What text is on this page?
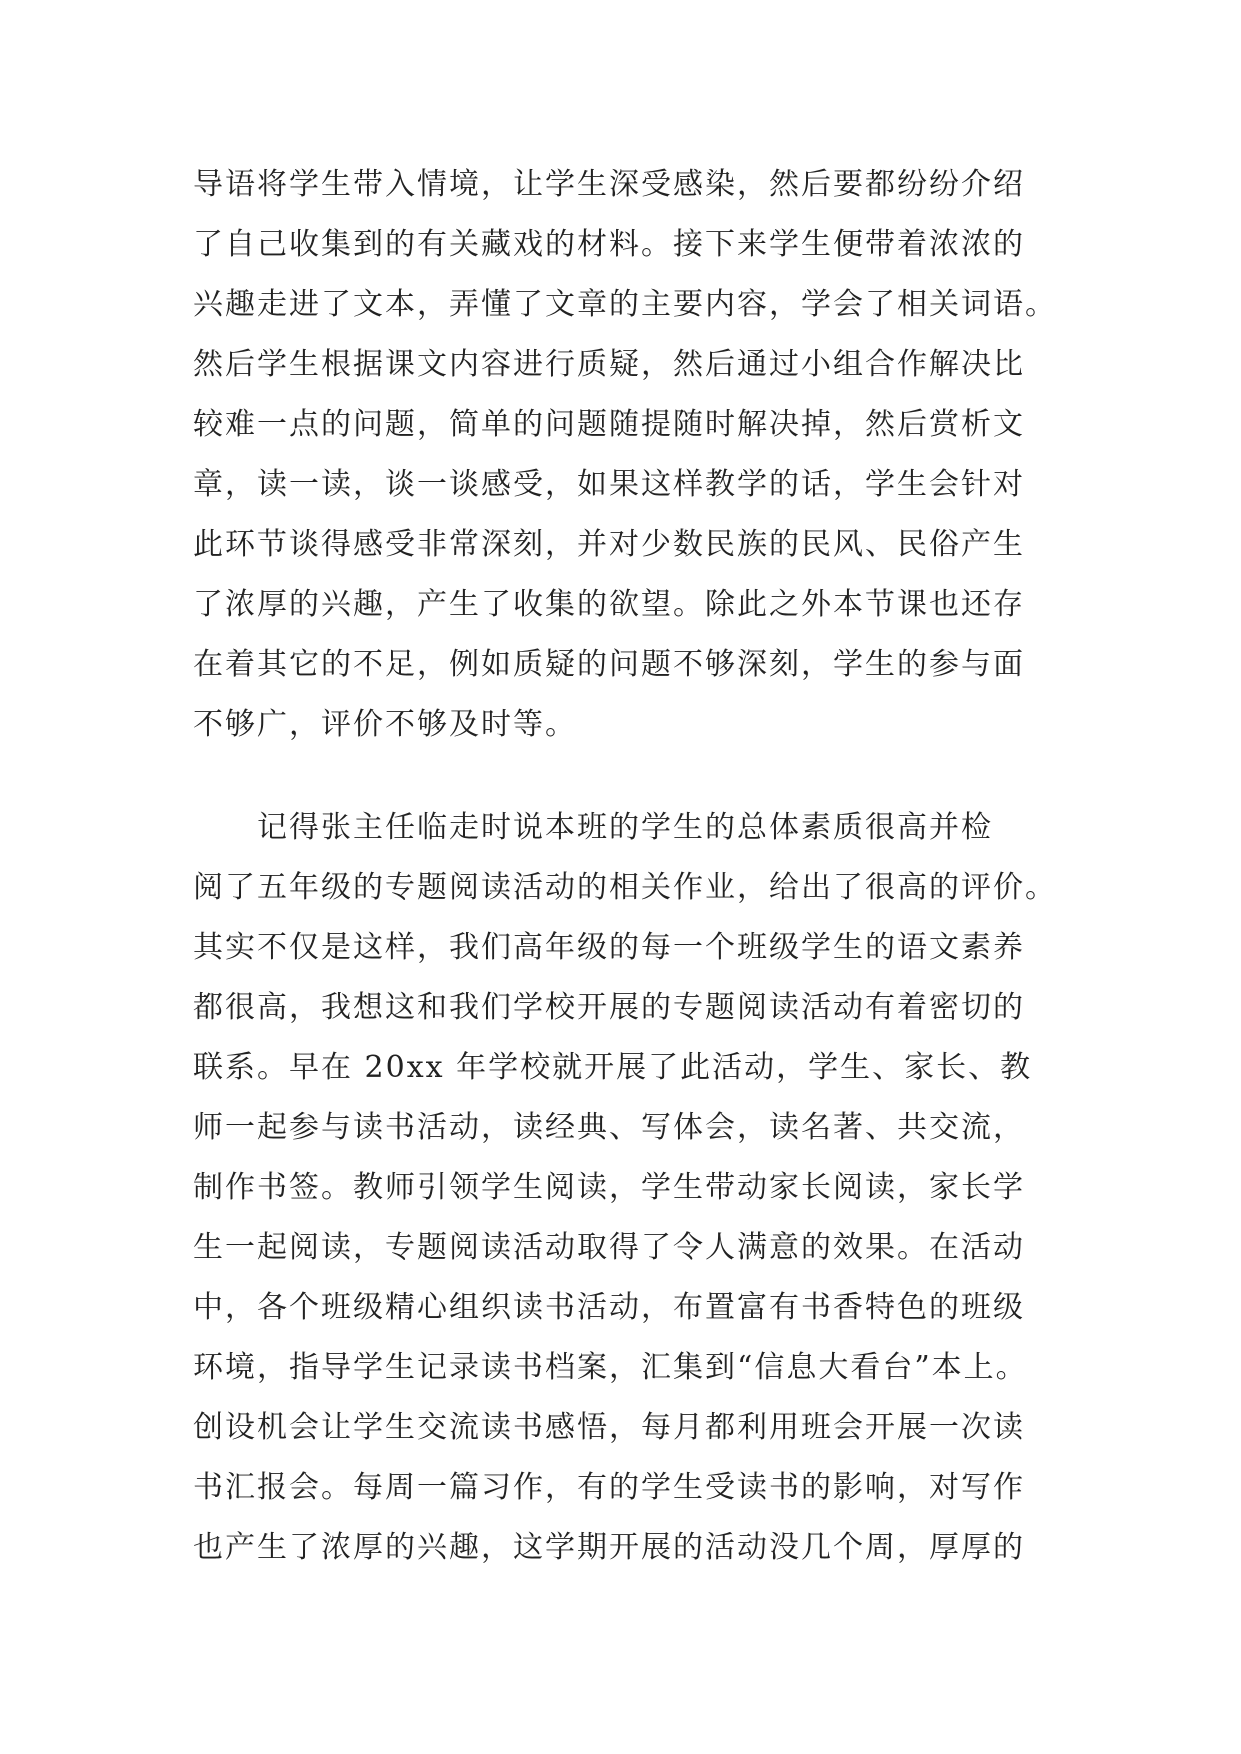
导语将学生带入情境，让学生深受感染，然后要都纷纷介绍
了自己收集到的有关藏戏的材料。接下来学生便带着浓浓的
兴趣走进了文本，弄懂了文章的主要内容，学会了相关词语。
然后学生根据课文内容进行质疑，然后通过小组合作解决比
较难一点的问题，简单的问题随提随时解决掉，然后赏析文
章，读一读，谈一谈感受，如果这样教学的话，学生会针对
此环节谈得感受非常深刻，并对少数民族的民风、民俗产生
了浓厚的兴趣，产生了收集的欲望。除此之外本节课也还存
在着其它的不足，例如质疑的问题不够深刻，学生的参与面
不够广，评价不够及时等。
　　记得张主任临走时说本班的学生的总体素质很高并检
阅了五年级的专题阅读活动的相关作业，给出了很高的评价。
其实不仅是这样，我们高年级的每一个班级学生的语文素养
都很高，我想这和我们学校开展的专题阅读活动有着密切的
联系。早在 20xx 年学校就开展了此活动，学生、家长、教
师一起参与读书活动，读经典、写体会，读名著、共交流，
制作书签。教师引领学生阅读，学生带动家长阅读，家长学
生一起阅读，专题阅读活动取得了令人满意的效果。在活动
中，各个班级精心组织读书活动，布置富有书香特色的班级
环境，指导学生记录读书档案，汇集到“信息大看台”本上。
创设机会让学生交流读书感悟，每月都利用班会开展一次读
书汇报会。每周一篇习作，有的学生受读书的影响，对写作
也产生了浓厚的兴趣，这学期开展的活动没几个周，厚厚的
